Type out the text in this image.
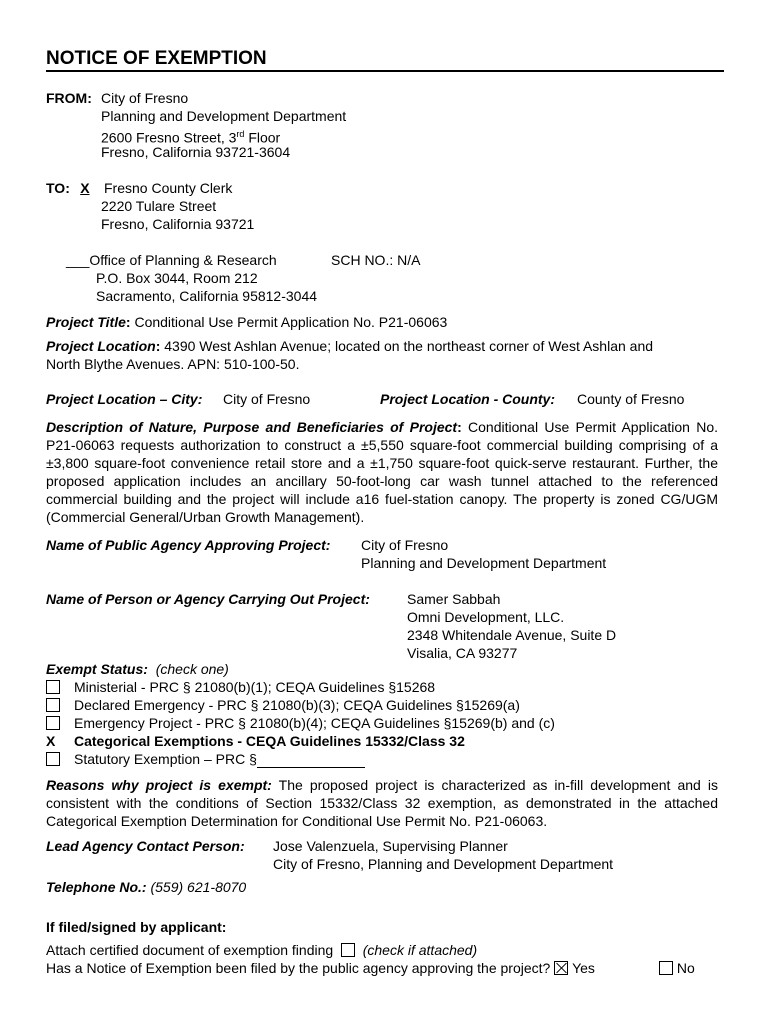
NOTICE OF EXEMPTION
FROM: City of Fresno
Planning and Development Department
2600 Fresno Street, 3rd Floor
Fresno, California 93721-3604
TO: X	Fresno County Clerk
2220 Tulare Street
Fresno, California 93721
___Office of Planning & Research	SCH NO.: N/A
P.O. Box 3044, Room 212
Sacramento, California 95812-3044
Project Title: Conditional Use Permit Application No. P21-06063
Project Location: 4390 West Ashlan Avenue; located on the northeast corner of West Ashlan and
North Blythe Avenues. APN: 510-100-50.
Project Location – City: City of Fresno	Project Location - County: County of Fresno
Description of Nature, Purpose and Beneficiaries of Project: Conditional Use Permit Application No. P21-06063 requests authorization to construct a ±5,550 square-foot commercial building comprising of a ±3,800 square-foot convenience retail store and a ±1,750 square-foot quick-serve restaurant. Further, the proposed application includes an ancillary 50-foot-long car wash tunnel attached to the referenced commercial building and the project will include a16 fuel-station canopy. The property is zoned CG/UGM (Commercial General/Urban Growth Management).
Name of Public Agency Approving Project: City of Fresno
Planning and Development Department
Name of Person or Agency Carrying Out Project:	Samer Sabbah
Omni Development, LLC.
2348 Whitendale Avenue, Suite D
Visalia, CA 93277
Exempt Status: (check one)
Ministerial - PRC § 21080(b)(1); CEQA Guidelines §15268
Declared Emergency - PRC § 21080(b)(3); CEQA Guidelines §15269(a)
Emergency Project - PRC § 21080(b)(4); CEQA Guidelines §15269(b) and (c)
X Categorical Exemptions - CEQA Guidelines 15332/Class 32
Statutory Exemption – PRC §
Reasons why project is exempt: The proposed project is characterized as in-fill development and is consistent with the conditions of Section 15332/Class 32 exemption, as demonstrated in the attached Categorical Exemption Determination for Conditional Use Permit No. P21-06063.
Lead Agency Contact Person: Jose Valenzuela, Supervising Planner
City of Fresno, Planning and Development Department
Telephone No.: (559) 621-8070
If filed/signed by applicant:
Attach certified document of exemption finding (check if attached)
Has a Notice of Exemption been filed by the public agency approving the project? Yes	No
